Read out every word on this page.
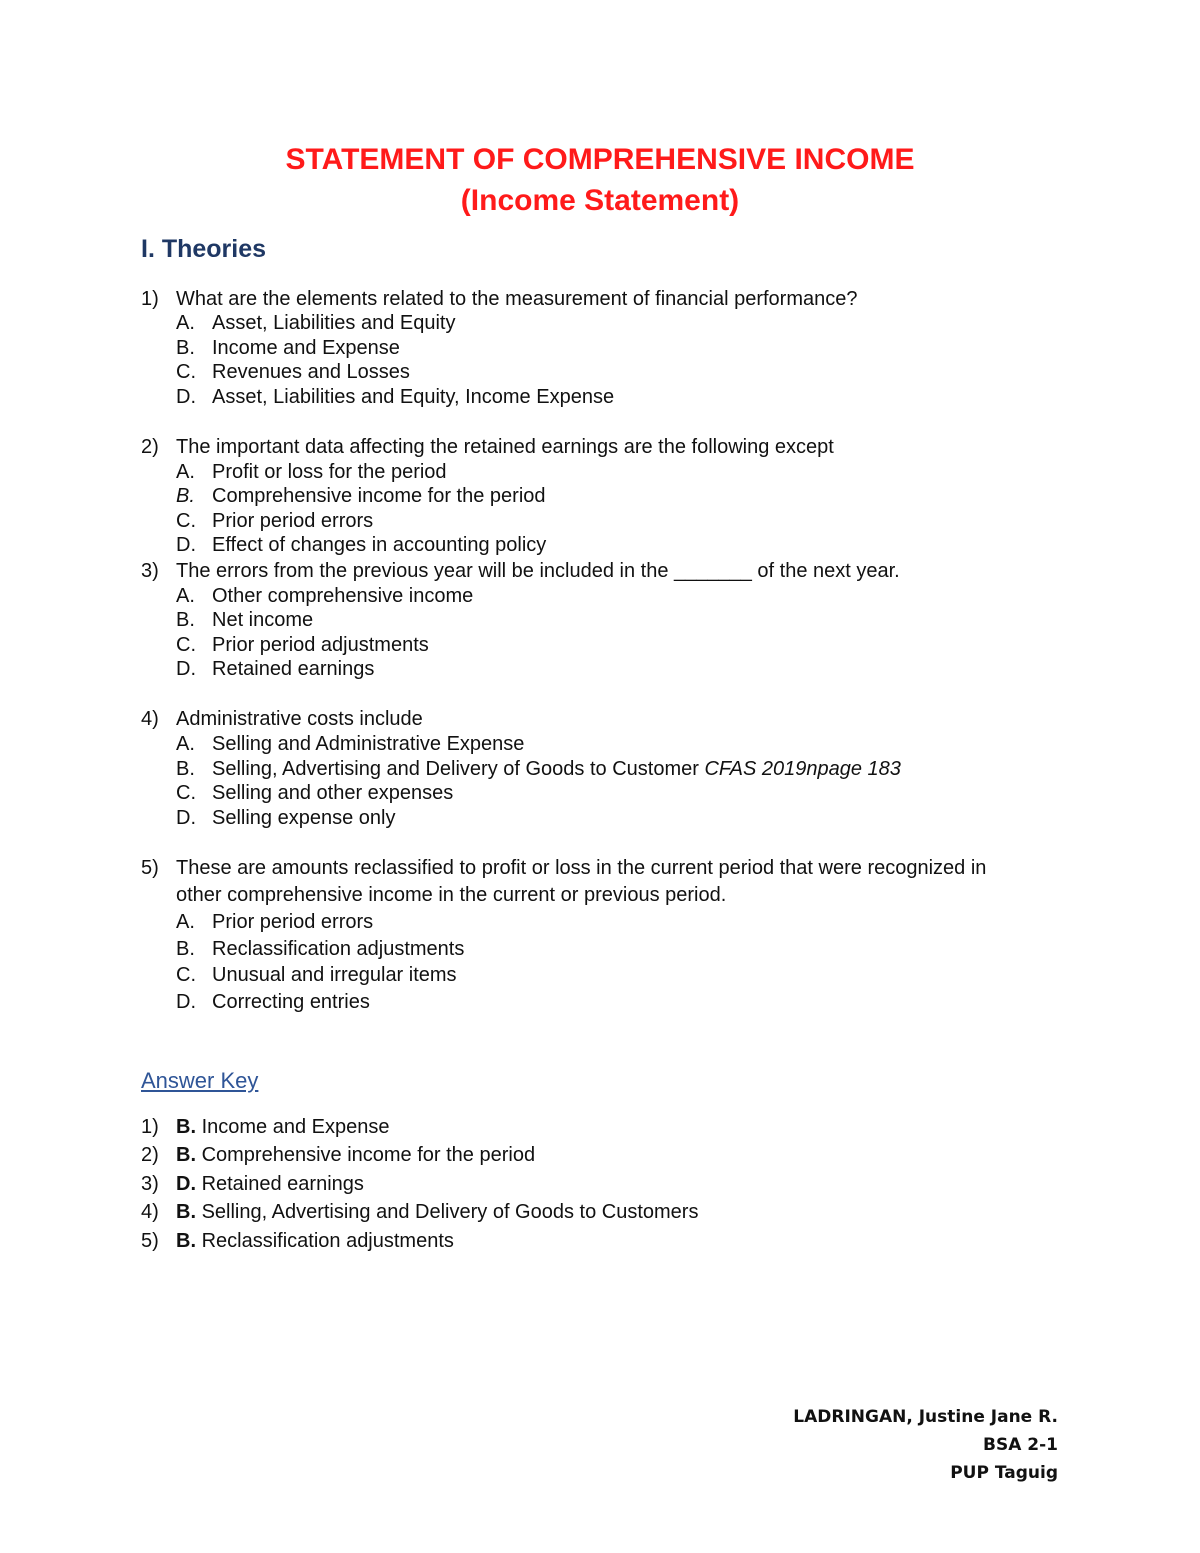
STATEMENT OF COMPREHENSIVE INCOME
(Income Statement)
I. Theories
1) What are the elements related to the measurement of financial performance?
A. Asset, Liabilities and Equity
B. Income and Expense
C. Revenues and Losses
D. Asset, Liabilities and Equity, Income Expense
2) The important data affecting the retained earnings are the following except
A. Profit or loss for the period
B. Comprehensive income for the period
C. Prior period errors
D. Effect of changes in accounting policy
3) The errors from the previous year will be included in the _______ of the next year.
A. Other comprehensive income
B. Net income
C. Prior period adjustments
D. Retained earnings
4) Administrative costs include
A. Selling and Administrative Expense
B. Selling, Advertising and Delivery of Goods to Customer CFAS 2019npage 183
C. Selling and other expenses
D. Selling expense only
5) These are amounts reclassified to profit or loss in the current period that were recognized in
other comprehensive income in the current or previous period.
A. Prior period errors
B. Reclassification adjustments
C. Unusual and irregular items
D. Correcting entries
Answer Key
1) B. Income and Expense
2) B. Comprehensive income for the period
3) D. Retained earnings
4) B. Selling, Advertising and Delivery of Goods to Customers
5) B. Reclassification adjustments
LADRINGAN, Justine Jane R.
BSA 2-1
PUP Taguig
